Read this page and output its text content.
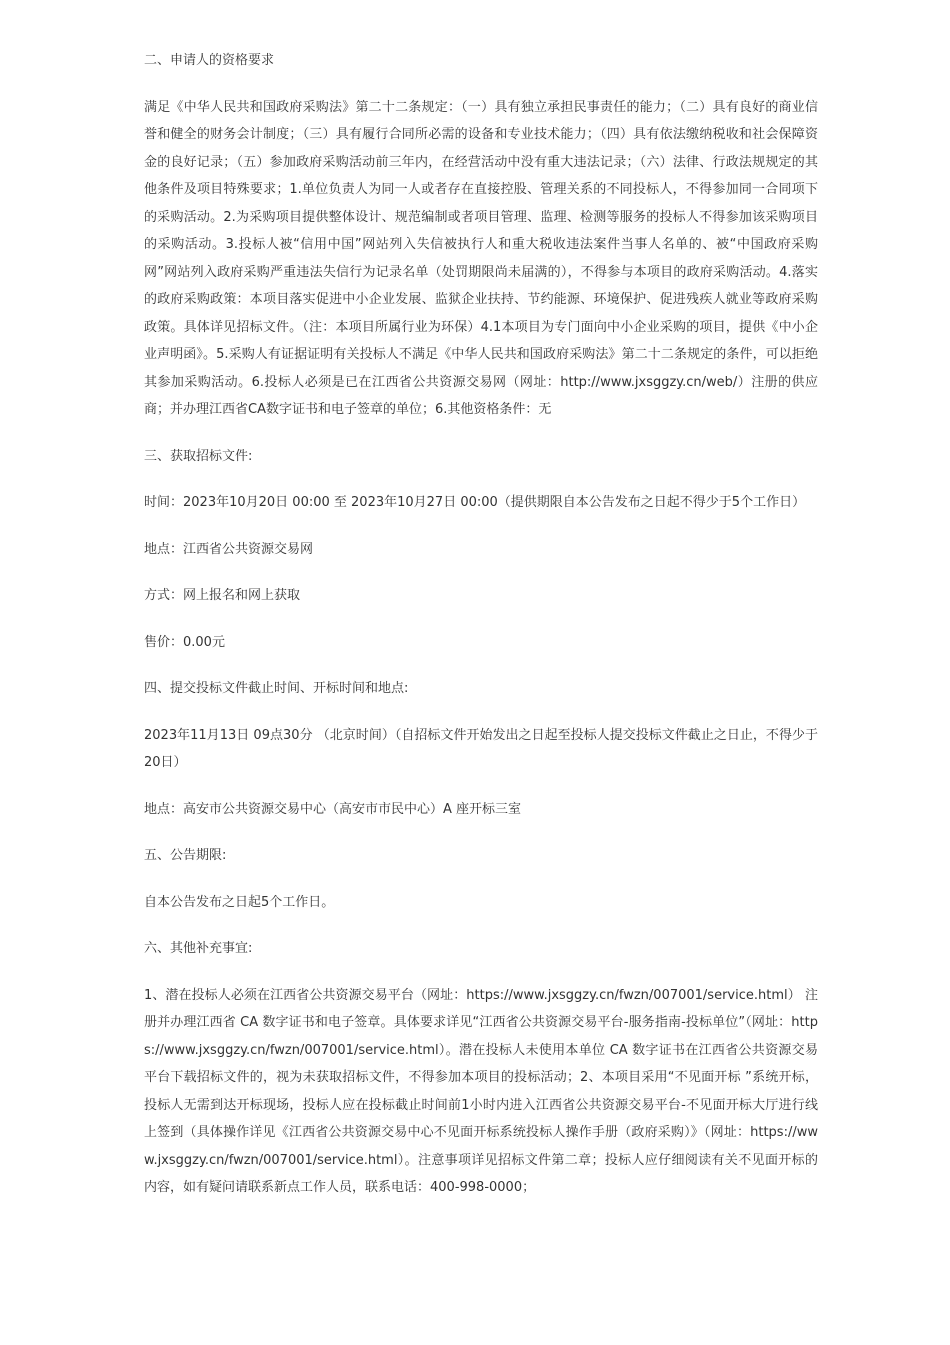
二、申请人的资格要求

满足《中华人民共和国政府采购法》第二十二条规定：（一）具有独立承担民事责任的能力；（二）具有良好的商业信誉和健全的财务会计制度；（三）具有履行合同所必需的设备和专业技术能力；（四）具有依法缴纳税收和社会保障资金的良好记录；（五）参加政府采购活动前三年内，在经营活动中没有重大违法记录；（六）法律、行政法规规定的其他条件及项目特殊要求；1.单位负责人为同一人或者存在直接控股、管理关系的不同投标人，不得参加同一合同项下的采购活动。2.为采购项目提供整体设计、规范编制或者项目管理、监理、检测等服务的投标人不得参加该采购项目的采购活动。3.投标人被“信用中国”网站列入失信被执行人和重大税收违法案件当事人名单的、被“中国政府采购网”网站列入政府采购严重违法失信行为记录名单（处罚期限尚未届满的），不得参与本项目的政府采购活动。4.落实的政府采购政策：本项目落实促进中小企业发展、监狱企业扶持、节约能源、环境保护、促进残疾人就业等政府采购政策。具体详见招标文件。（注：本项目所属行业为环保）4.1本项目为专门面向中小企业采购的项目，提供《中小企业声明函》。5.采购人有证据证明有关投标人不满足《中华人民共和国政府采购法》第二十二条规定的条件，可以拒绝其参加采购活动。6.投标人必须是已在江西省公共资源交易网（网址：http://www.jxsggzy.cn/web/）注册的供应商；并办理江西省CA数字证书和电子签章的单位；6.其他资格条件：无

三、获取招标文件:

时间：2023年10月20日 00:00 至 2023年10月27日 00:00（提供期限自本公告发布之日起不得少于5个工作日）

地点：江西省公共资源交易网

方式：网上报名和网上获取

售价：0.00元

四、提交投标文件截止时间、开标时间和地点:

2023年11月13日 09点30分 （北京时间）（自招标文件开始发出之日起至投标人提交投标文件截止之日止，不得少于20日）

地点：高安市公共资源交易中心（高安市市民中心）A 座开标三室

五、公告期限:

自本公告发布之日起5个工作日。

六、其他补充事宜:

1、潜在投标人必须在江西省公共资源交易平台（网址：https://www.jxsggzy.cn/fwzn/007001/service.html） 注册并办理江西省 CA 数字证书和电子签章。具体要求详见“江西省公共资源交易平台-服务指南-投标单位”（网址：https://www.jxsggzy.cn/fwzn/007001/service.html）。潜在投标人未使用本单位 CA 数字证书在江西省公共资源交易平台下载招标文件的，视为未获取招标文件，不得参加本项目的投标活动；2、本项目采用“不见面开标 ”系统开标，投标人无需到达开标现场，投标人应在投标截止时间前1小时内进入江西省公共资源交易平台-不见面开标大厅进行线上签到（具体操作详见《江西省公共资源交易中心不见面开标系统投标人操作手册（政府采购）》（网址：https://www.jxsggzy.cn/fwzn/007001/service.html）。注意事项详见招标文件第二章；投标人应仔细阅读有关不见面开标的内容，如有疑问请联系新点工作人员，联系电话：400-998-0000；
